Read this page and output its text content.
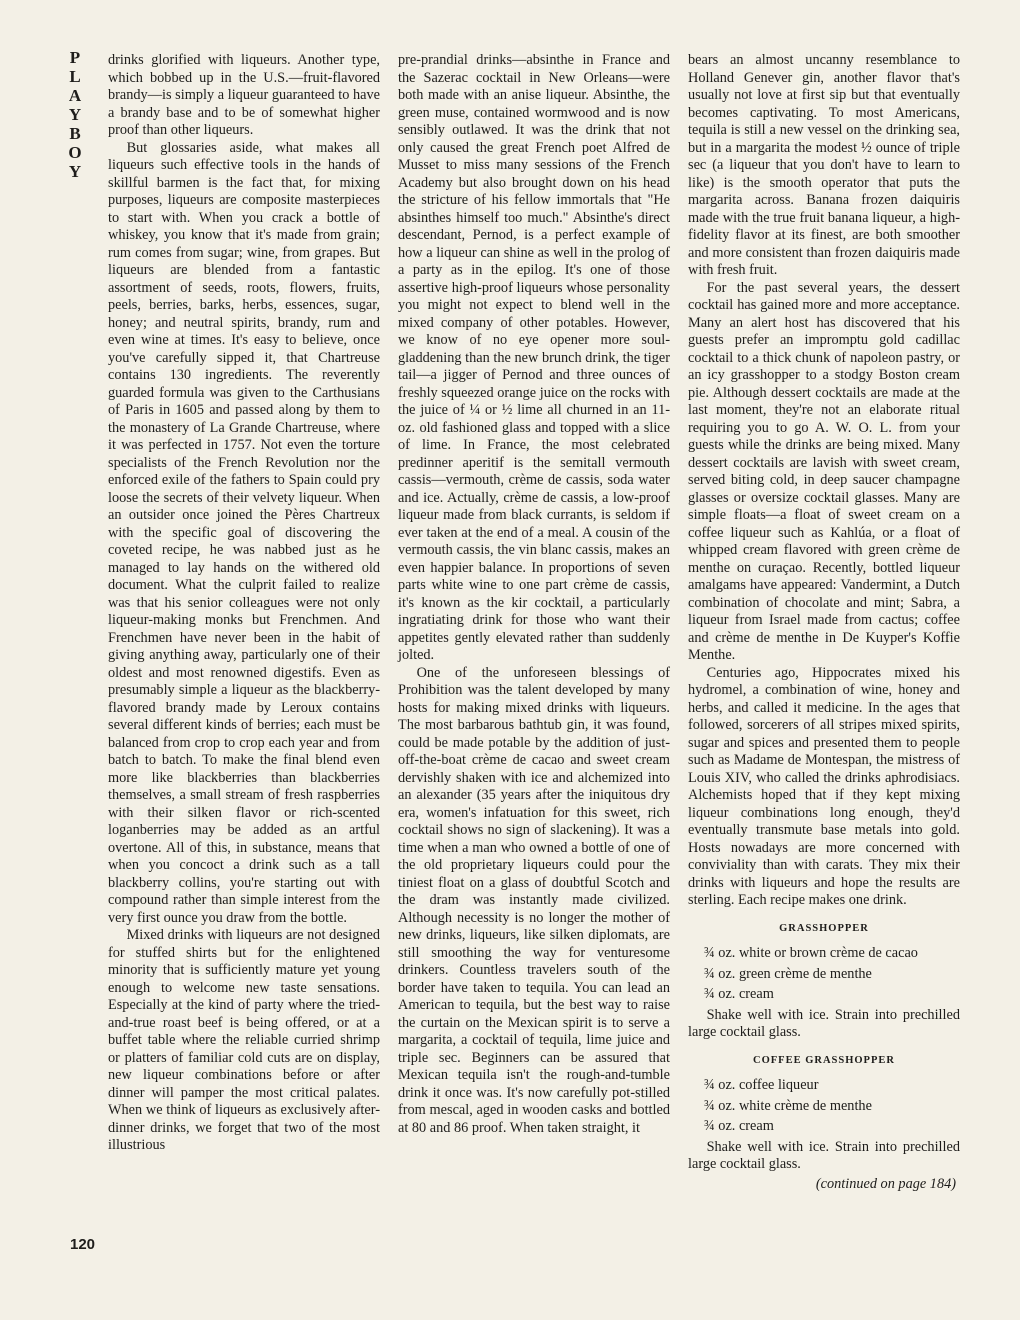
P
L
A
Y
B
O
Y

drinks glorified with liqueurs. Another type, which bobbed up in the U.S.—fruit-flavored brandy—is simply a liqueur guaranteed to have a brandy base and to be of somewhat higher proof than other liqueurs.

But glossaries aside, what makes all liqueurs such effective tools in the hands of skillful barmen is the fact that, for mixing purposes, liqueurs are composite masterpieces to start with. When you crack a bottle of whiskey, you know that it's made from grain; rum comes from sugar; wine, from grapes. But liqueurs are blended from a fantastic assortment of seeds, roots, flowers, fruits, peels, berries, barks, herbs, essences, sugar, honey; and neutral spirits, brandy, rum and even wine at times. It's easy to believe, once you've carefully sipped it, that Chartreuse contains 130 ingredients. The reverently guarded formula was given to the Carthusians of Paris in 1605 and passed along by them to the monastery of La Grande Chartreuse, where it was perfected in 1757. Not even the torture specialists of the French Revolution nor the enforced exile of the fathers to Spain could pry loose the secrets of their velvety liqueur. When an outsider once joined the Pères Chartreux with the specific goal of discovering the coveted recipe, he was nabbed just as he managed to lay hands on the withered old document. What the culprit failed to realize was that his senior colleagues were not only liqueur-making monks but Frenchmen. And Frenchmen have never been in the habit of giving anything away, particularly one of their oldest and most renowned digestifs. Even as presumably simple a liqueur as the blackberry-flavored brandy made by Leroux contains several different kinds of berries; each must be balanced from crop to crop each year and from batch to batch. To make the final blend even more like blackberries than blackberries themselves, a small stream of fresh raspberries with their silken flavor or rich-scented loganberries may be added as an artful overtone. All of this, in substance, means that when you concoct a drink such as a tall blackberry collins, you're starting out with compound rather than simple interest from the very first ounce you draw from the bottle.

Mixed drinks with liqueurs are not designed for stuffed shirts but for the enlightened minority that is sufficiently mature yet young enough to welcome new taste sensations. Especially at the kind of party where the tried-and-true roast beef is being offered, or at a buffet table where the reliable curried shrimp or platters of familiar cold cuts are on display, new liqueur combinations before or after dinner will pamper the most critical palates. When we think of liqueurs as exclusively after-dinner drinks, we forget that two of the most illustrious

pre-prandial drinks—absinthe in France and the Sazerac cocktail in New Orleans—were both made with an anise liqueur. Absinthe, the green muse, contained wormwood and is now sensibly outlawed. It was the drink that not only caused the great French poet Alfred de Musset to miss many sessions of the French Academy but also brought down on his head the stricture of his fellow immortals that "He absinthes himself too much." Absinthe's direct descendant, Pernod, is a perfect example of how a liqueur can shine as well in the prolog of a party as in the epilog. It's one of those assertive high-proof liqueurs whose personality you might not expect to blend well in the mixed company of other potables. However, we know of no eye opener more soul-gladdening than the new brunch drink, the tiger tail—a jigger of Pernod and three ounces of freshly squeezed orange juice on the rocks with the juice of ¼ or ½ lime all churned in an 11-oz. old fashioned glass and topped with a slice of lime. In France, the most celebrated predinner aperitif is the semitall vermouth cassis—vermouth, crème de cassis, soda water and ice. Actually, crème de cassis, a low-proof liqueur made from black currants, is seldom if ever taken at the end of a meal. A cousin of the vermouth cassis, the vin blanc cassis, makes an even happier balance. In proportions of seven parts white wine to one part crème de cassis, it's known as the kir cocktail, a particularly ingratiating drink for those who want their appetites gently elevated rather than suddenly jolted.

One of the unforeseen blessings of Prohibition was the talent developed by many hosts for making mixed drinks with liqueurs. The most barbarous bathtub gin, it was found, could be made potable by the addition of just-off-the-boat crème de cacao and sweet cream dervishly shaken with ice and alchemized into an alexander (35 years after the iniquitous dry era, women's infatuation for this sweet, rich cocktail shows no sign of slackening). It was a time when a man who owned a bottle of one of the old proprietary liqueurs could pour the tiniest float on a glass of doubtful Scotch and the dram was instantly made civilized. Although necessity is no longer the mother of new drinks, liqueurs, like silken diplomats, are still smoothing the way for venturesome drinkers. Countless travelers south of the border have taken to tequila. You can lead an American to tequila, but the best way to raise the curtain on the Mexican spirit is to serve a margarita, a cocktail of tequila, lime juice and triple sec. Beginners can be assured that Mexican tequila isn't the rough-and-tumble drink it once was. It's now carefully pot-stilled from mescal, aged in wooden casks and bottled at 80 and 86 proof. When taken straight, it

bears an almost uncanny resemblance to Holland Genever gin, another flavor that's usually not love at first sip but that eventually becomes captivating. To most Americans, tequila is still a new vessel on the drinking sea, but in a margarita the modest ½ ounce of triple sec (a liqueur that you don't have to learn to like) is the smooth operator that puts the margarita across. Banana frozen daiquiris made with the true fruit banana liqueur, a high-fidelity flavor at its finest, are both smoother and more consistent than frozen daiquiris made with fresh fruit.

For the past several years, the dessert cocktail has gained more and more acceptance. Many an alert host has discovered that his guests prefer an impromptu gold cadillac cocktail to a thick chunk of napoleon pastry, or an icy grasshopper to a stodgy Boston cream pie. Although dessert cocktails are made at the last moment, they're not an elaborate ritual requiring you to go A. W. O. L. from your guests while the drinks are being mixed. Many dessert cocktails are lavish with sweet cream, served biting cold, in deep saucer champagne glasses or oversize cocktail glasses. Many are simple floats—a float of sweet cream on a coffee liqueur such as Kahlúa, or a float of whipped cream flavored with green crème de menthe on curaçao. Recently, bottled liqueur amalgams have appeared: Vandermint, a Dutch combination of chocolate and mint; Sabra, a liqueur from Israel made from cactus; coffee and crème de menthe in De Kuyper's Koffie Menthe.

Centuries ago, Hippocrates mixed his hydromel, a combination of wine, honey and herbs, and called it medicine. In the ages that followed, sorcerers of all stripes mixed spirits, sugar and spices and presented them to people such as Madame de Montespan, the mistress of Louis XIV, who called the drinks aphrodisiacs. Alchemists hoped that if they kept mixing liqueur combinations long enough, they'd eventually transmute base metals into gold. Hosts nowadays are more concerned with conviviality than with carats. They mix their drinks with liqueurs and hope the results are sterling. Each recipe makes one drink.

GRASSHOPPER
¾ oz. white or brown crème de cacao
¾ oz. green crème de menthe
¾ oz. cream

Shake well with ice. Strain into prechilled large cocktail glass.

COFFEE GRASSHOPPER
¾ oz. coffee liqueur
¾ oz. white crème de menthe
¾ oz. cream

Shake well with ice. Strain into prechilled large cocktail glass.

(continued on page 184)
120
